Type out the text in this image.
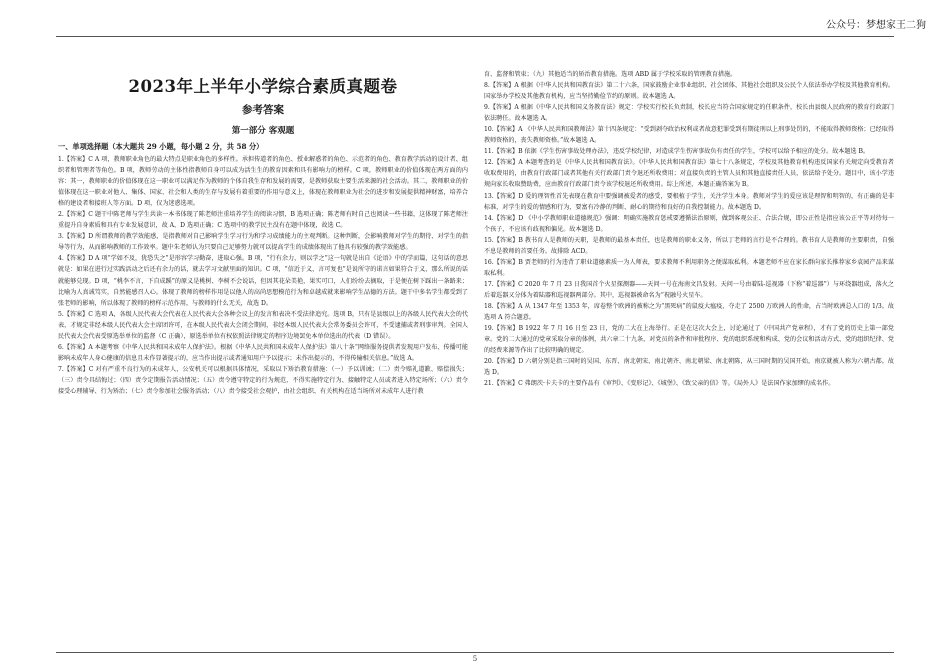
公众号：梦想家王二狗
2023年上半年小学综合素质真题卷
参考答案
第一部分 客观题
一、单项选择题（本大题共 29 小题，每小题 2 分，共 58 分）

1.【答案】C A 项，教师职业角色的最大特点是职业角色的多样性。承担传道者的角色、授业解惑者的角色、示范者的角色、教育教学活动的设计者、组织者和管理者等角色。B 项，教师劳动的主体性指教师自身可以成为活生生的教育因素和具有影响力的榜样。C 项，教师职业的价值体现在两方面的内容：其一，教师职业的价值体现在这一职业可以满足作为教师的个体自我生存和发展的需要，是教师获取主要生活来源的社会活动。其二，教师职业的价值体现在这一职业对他人、集体、国家、社会和人类的生存与发展有着重要的作用与意义上，体现在教师职业为社会的进步和发展提供精神财富，培养合格的建设者和接班人等方面。D 项，仅为迷惑选项。

2.【答案】C 题干中陈老师与学生共读一本书体现了陈老师注重培养学生的阅读习惯，B 选项正确；陈老师有时自己也阅读一些书籍，这体现了陈老师注重提升自身素质和具有专业发展意识，故 A、D 选项正确；C 选项中的教学民主没有在题中体现，故选 C。

3.【答案】D 所谓教师的教学效能感，是指教师对自己影响学生学习行为和学习成绩能力的主观判断。这种判断，会影响教师对学生的期待、对学生的指导等行为，从而影响教师的工作效率。题中朱老师认为只要自己足够努力就可以提高学生的成绩体现出了他具有较强的教学效能感。

4.【答案】D A 项“学如不及，犹恐失之”是形容学习勤奋，进取心强。B 项，“行有余力，则以学之”这一句就是出自《论语》中的学而篇，这句话的意思就是：如果在进行过实践活动之后还有余力的话，就去学习文献里面的知识。C 项，“信近于义，言可复也”是说所守的诺言如果符合于义，那么所说的话就能够兑现。D 项，“桃李不言，下自成蹊”的原义是桃树、李树不会说话，但因其花朵美艳，果实可口，人们纷纷去摘取，于是便在树下踩出一条路来；比喻为人真诚笃实，自然能感召人心。体现了教师的榜样作用是以他人的高尚思想模范行为和卓越成就来影响学生品德的方法。题干中多名学生都受到了张老师的影响，所以体现了教师的榜样示范作用，与教师的什么无关，故选 D。

5.【答案】C 选项 A，各级人民代表大会代表在人民代表大会各种会议上的发言和表决不受法律追究。选项 B，只有是县级以上的各级人民代表大会的代表，才规定非经本级人民代表大会主席团许可，在本级人民代表大会闭会期间，非经本级人民代表大会常务委员会许可，不受逮捕或者刑事审判。全国人民代表大会代表受原选举单位的监督（C 正确），原选举单位有权依照法律规定的程序边境罢免本单位选出的代表（D 错误）。

6.【答案】A 本题考察《中华人民共和国未成年人保护法》。根据《中华人民共和国未成年人保护法》第八十条“网络服务提供者发现用户发布、传播可能影响未成年人身心健康的信息且未作显著提示的，应当作出提示或者通知用户予以提示；未作出提示的，不得传输相关信息。”故选 A。

7.【答案】C 对有严重不良行为的未成年人，公安机关可以根据具体情况，采取以下矫治教育措施：（一）予以训诫；（二）责令赔礼道歉、赔偿损失；（三）责令具结悔过；（四）责令定期报告活动情况；（五）责令遵守特定的行为规范，不得实施特定行为、接触特定人员或者进入特定场所；（六）责令接受心理辅导、行为矫治；（七）责令参加社会服务活动；（八）责令接受社会观护，由社会组织、有关机构在适当场所对未成年人进行教

育、监督和管束；（九）其他适当的矫治教育措施。选项 ABD 属于学校采取的管理教育措施。

8.【答案】A 根据《中华人民共和国教育法》第二十六条，国家鼓励企业事业组织、社会团体、其他社会组织及公民个人依法举办学校及其他教育机构。国家举办学校及其他教育机构，应当坚持勤俭节约的原则。故本题选 A。

9.【答案】A 根据《中华人民共和国义务教育法》规定：学校实行校长负责制，校长应当符合国家规定的任职条件，校长由县级人民政府的教育行政部门依法聘任。故本题选 A。

10.【答案】A 《中华人民共和国教师法》第十四条规定：“受到剥夺政治权利或者故意犯罪受到有期徒刑以上刑事处罚的，不能取得教师资格；已经取得教师资格的，丧失教师资格。”故本题选 A。

11.【答案】B 依据《学生伤害事故处理办法》，违反学校纪律，对造成学生伤害事故负有责任的学生，学校可以给予相应的处分。故本题选 B。

12.【答案】A 本题考查的是《中华人民共和国教育法》。《中华人民共和国教育法》第七十八条规定，学校及其他教育机构违反国家有关规定向受教育者收取费用的，由教育行政部门或者其他有关行政部门责令退还所收费用；对直接负责的主管人员和其他直接责任人员，依法给予处分。题目中，该小学违规向家长收取赞助费，应由教育行政部门责令该学校退还所收费用。综上所述，本题正确答案为 B。

13.【答案】D 爱的理智性首先表现在教育中要强调被爱者的感受，要根植于学生，关注学生本身。教师对学生的爱应该是理智和明智的，有正确的是非标准，对学生的爱的情感和行为，要富有冷静的判断、耐心的期待和良好的自我控制能力。故本题选 D。

14.【答案】D 《中小学教师职业道德规范》强调：明确实施教育惩戒要遵循法治原则，做到客观公正、合法合规，即公正性是指应该公正平等对待每一个孩子，不应该有歧视和偏见。故本题选 D。

15.【答案】B 教书育人是教师的天职，是教师的最基本责任，也是教师的职业义务，所以丁老师的言行是不合理的。教书育人是教师的主要职责，自强不息是教师的首要任务。故排除 ACD。

16.【答案】B 贾老师的行为违背了职业道德素质一为人师表，要求教师不利用职务之便谋取私利。本题老师不应在家长群向家长推荐家乡袁园产品来谋取私利。

17.【答案】C 2020 年 7 月 23 日我国首个火星探测器——天问一号在海南文昌发射。天问一号由着陆-巡视器（下称“着巡器”）与环绕器组成，落火之后着巡器又分体为着陆器和巡视器两部分。其中，巡视器被命名为“祝融号火星车。

18.【答案】A 从 1347 年至 1353 年，席卷整个欧洲的被称之为“黑死病”的鼠疫大瘟疫，夺走了 2500 万欧洲人的性命，占当时欧洲总人口的 1/3。故选项 A 符合题意。

19.【答案】B 1922 年 7 月 16 日至 23 日，党的二大在上海举行。正是在这次大会上，讨论通过了《中国共产党章程》，才有了党的历史上第一部党章。党的二大通过的党章采取分章的体例，共六章二十九条，对党员的条件和审批程序、党的组织系统和构成、党的会议和活动方式、党的组织纪律、党的经费来源等作出了比较明确的规定。

20.【答案】D 六朝分别是指三国时的吴国、东晋、南北朝宋、南北朝齐、南北朝梁、南北朝陈，从三国时期的吴国开始，南京就被人称为六朝古都。故选 D。

21.【答案】C 弗朗茨·卡夫卡的主要作品有《审判》、《变形记》、《城堡》、《致父亲的信》等。《局外人》是法国作家加缪的成名作。

5
